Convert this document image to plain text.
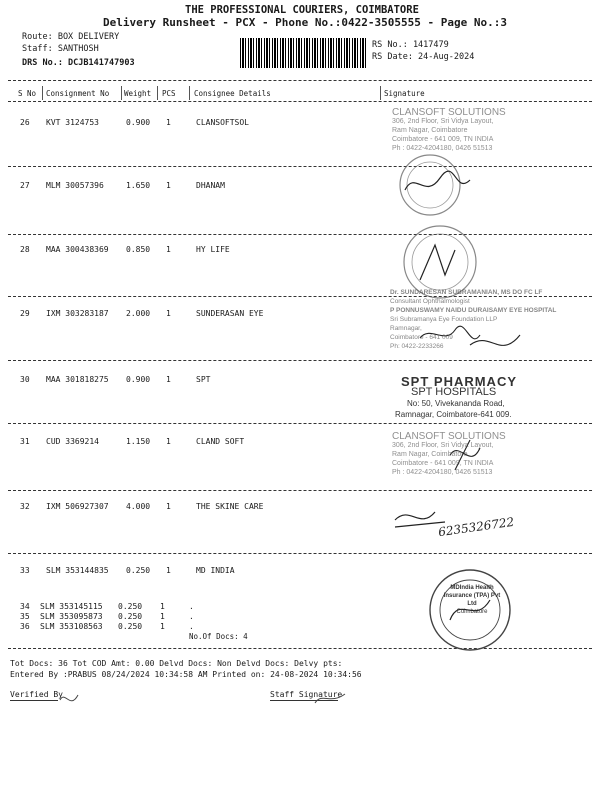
THE PROFESSIONAL COURIERS, COIMBATORE
Delivery Runsheet - PCX - Phone No.:0422-3505555 - Page No.:3
Route: BOX DELIVERY
Staff: SANTHOSH
DRS No.: DCJB141747903
RS No.: 1417479
RS Date: 24-Aug-2024
S No Consignment No Weight PCS Consignee Details	Signature
26 KVT 3124753	0.900 1	CLANSOFTSOL
27 MLM 30057396	1.650 1	DHANAM
28 MAA 300438369 0.850 1	HY LIFE
29 IXM 303283187 2.000 1	SUNDERASAN EYE
30 MAA 301818275 0.900 1	SPT
31 CUD 3369214	1.150 1	CLAND SOFT
32 IXM 506927307 4.000 1	THE SKINE CARE
33 SLM 353144835 0.250 1	MD INDIA
34 SLM 353145115 0.250 1	.
35 SLM 353095873 0.250 1	.
36 SLM 353108563 0.250 1	.
No.Of Docs: 4
Tot Docs: 36 Tot COD Amt: 0.00 Delvd Docs: Non Delvd Docs: Delvy pts:
Entered By :PRABUS 08/24/2024 10:34:58 AM Printed on: 24-08-2024 10:34:56
Verified By	Staff Signature
CLANSOFT SOLUTIONS
306, 2nd Floor, Sri Vidya Layout,
Ram Nagar, Coimbatore
Coimbatore - 641 009, TN INDIA
Ph : 0422-4204180, 0426 51513
Dr. SUNDARESAN SUBRAMANIAN, MS DO FC LF
Consultant Ophthalmologist
P PONNUSWAMY NAIDU DURAISAMY EYE HOSPITAL
Sri Subramanya Eye Foundation LLP
Ramnagar,
Coimbatore - 641 009
Ph: 0422-2233266
SPT PHARMACY
SPT HOSPITALS
No: 50, Vivekananda Road,
Ramnagar, Coimbatore-641 009.
CLANSOFT SOLUTIONS
306, 2nd Floor, Sri Vidya Layout,
Ram Nagar, Coimbatore
Coimbatore - 641 009, TN INDIA
Ph : 0422-4204180, 0426 51513
6235326722
MDIndia Health Insurance (TPA) Pvt Ltd
Coimbatore
